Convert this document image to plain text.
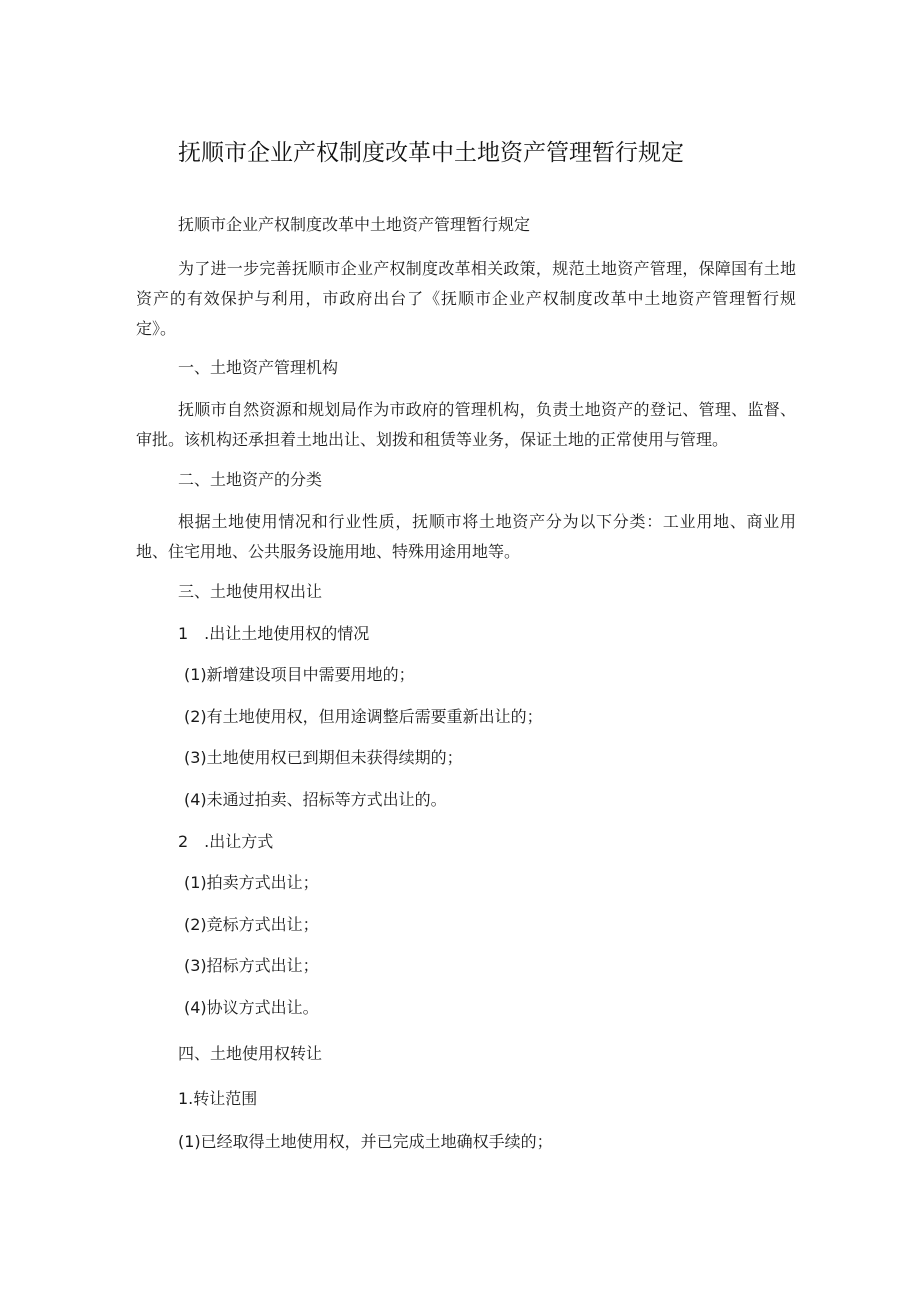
抚顺市企业产权制度改革中土地资产管理暂行规定
抚顺市企业产权制度改革中土地资产管理暂行规定
为了进一步完善抚顺市企业产权制度改革相关政策，规范土地资产管理，保障国有土地资产的有效保护与利用，市政府出台了《抚顺市企业产权制度改革中土地资产管理暂行规定》。
一、土地资产管理机构
抚顺市自然资源和规划局作为市政府的管理机构，负责土地资产的登记、管理、监督、审批。该机构还承担着土地出让、划拨和租赁等业务，保证土地的正常使用与管理。
二、土地资产的分类
根据土地使用情况和行业性质，抚顺市将土地资产分为以下分类：工业用地、商业用地、住宅用地、公共服务设施用地、特殊用途用地等。
三、土地使用权出让
1　.出让土地使用权的情况
(1)新增建设项目中需要用地的；
(2)有土地使用权，但用途调整后需要重新出让的；
(3)土地使用权已到期但未获得续期的；
(4)未通过拍卖、招标等方式出让的。
2　.出让方式
(1)拍卖方式出让；
(2)竞标方式出让；
(3)招标方式出让；
(4)协议方式出让。
四、土地使用权转让
1.转让范围
(1)已经取得土地使用权，并已完成土地确权手续的；
